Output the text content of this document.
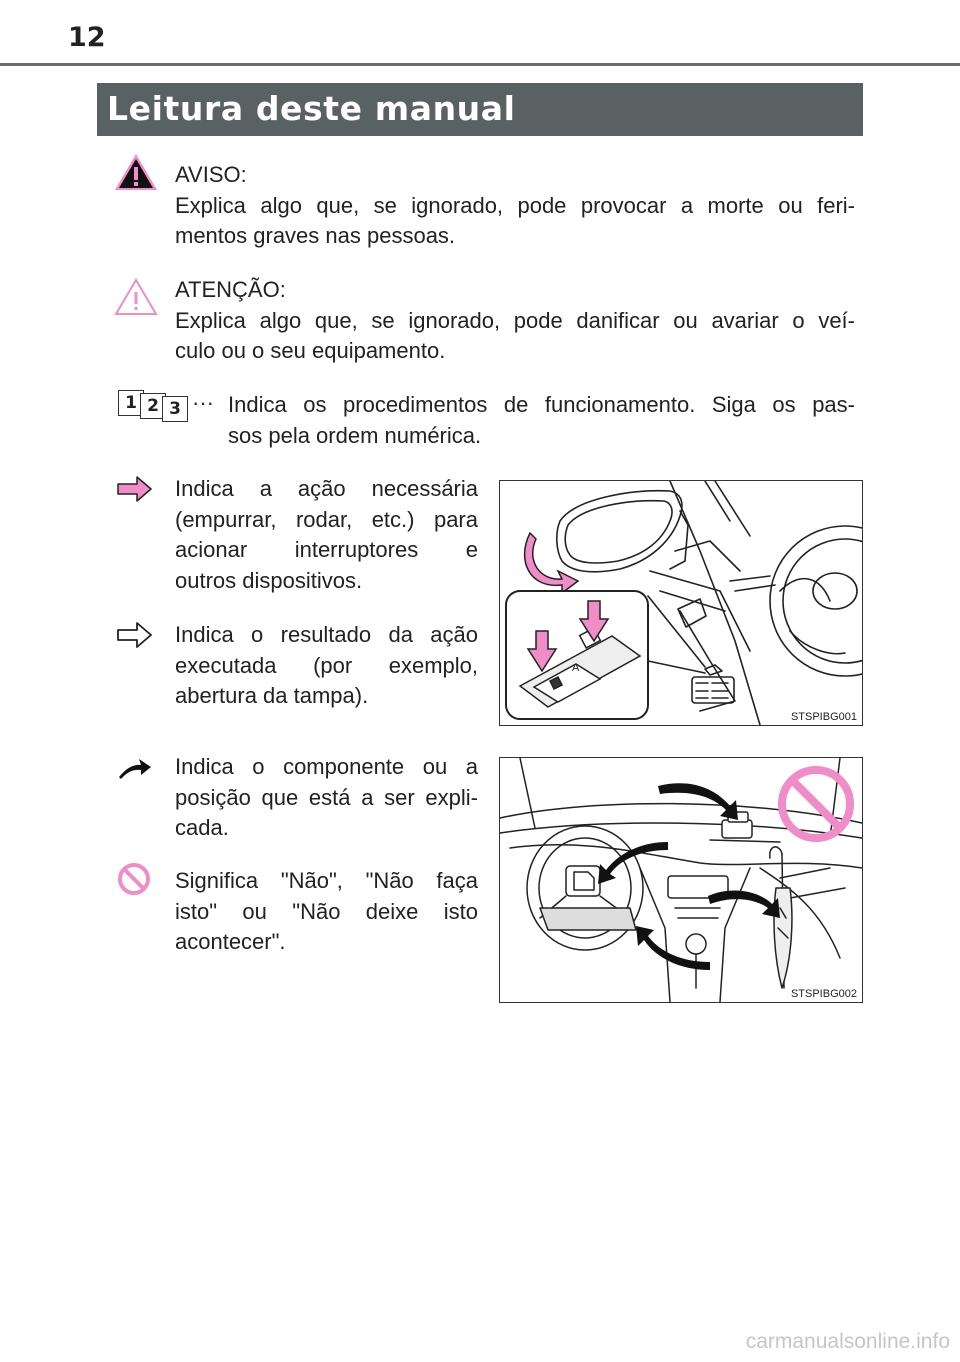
12
Leitura deste manual
AVISO:
Explica algo que, se ignorado, pode provocar a morte ou feri-
mentos graves nas pessoas.
ATENÇÃO:
Explica algo que, se ignorado, pode danificar ou avariar o veí-
culo ou o seu equipamento.
1 2 3 ··· Indica os procedimentos de funcionamento. Siga os pas-
sos pela ordem numérica.
Indica a ação necessária
(empurrar, rodar, etc.) para
acionar interruptores e
outros dispositivos.
Indica o resultado da ação
executada (por exemplo,
abertura da tampa).
A
STSPIBG001
Indica o componente ou a
posição que está a ser expli-
cada.
Significa "Não", "Não faça
isto" ou "Não deixe isto
acontecer".
STSPIBG002
carmanualsonline.info
